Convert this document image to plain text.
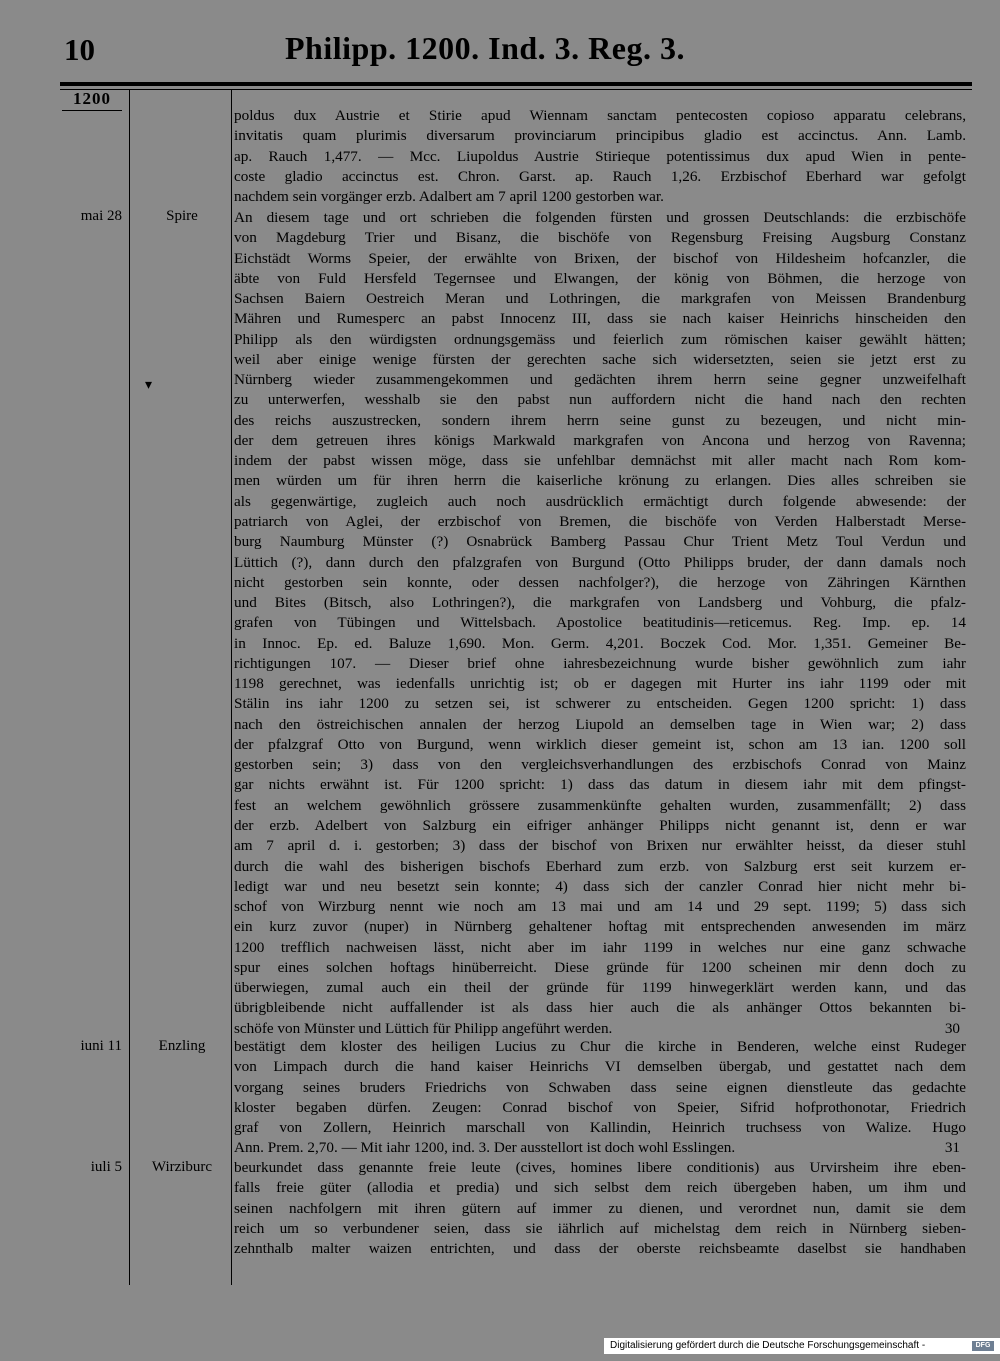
10	Philipp. 1200. Ind. 3. Reg. 3.
1200
▾
mai 28	Spire
iuni 11	Enzling
iuli 5	Wirziburc
poldus dux Austrie et Stirie apud Wiennam sanctam pentecosten copioso apparatu celebrans,
invitatis quam plurimis diversarum provinciarum principibus gladio est accinctus. Ann. Lamb.
ap. Rauch 1,477. — Mcc. Liupoldus Austrie Stirieque potentissimus dux apud Wien in pente-
coste gladio accinctus est. Chron. Garst. ap. Rauch 1,26. Erzbischof Eberhard war gefolgt
nachdem sein vorgänger erzb. Adalbert am 7 april 1200 gestorben war.
An diesem tage und ort schrieben die folgenden fürsten und grossen Deutschlands: die erzbischöfe
von Magdeburg Trier und Bisanz, die bischöfe von Regensburg Freising Augsburg Constanz
Eichstädt Worms Speier, der erwählte von Brixen, der bischof von Hildesheim hofcanzler, die
äbte von Fuld Hersfeld Tegernsee und Elwangen, der könig von Böhmen, die herzoge von
Sachsen Baiern Oestreich Meran und Lothringen, die markgrafen von Meissen Brandenburg
Mähren und Rumesperc an pabst Innocenz III, dass sie nach kaiser Heinrichs hinscheiden den
Philipp als den würdigsten ordnungsgemäss und feierlich zum römischen kaiser gewählt hätten;
weil aber einige wenige fürsten der gerechten sache sich widersetzten, seien sie jetzt erst zu
Nürnberg wieder zusammengekommen und gedächten ihrem herrn seine gegner unzweifelhaft
zu unterwerfen, wesshalb sie den pabst nun auffordern nicht die hand nach den rechten
des reichs auszustrecken, sondern ihrem herrn seine gunst zu bezeugen, und nicht min-
der dem getreuen ihres königs Markwald markgrafen von Ancona und herzog von Ravenna;
indem der pabst wissen möge, dass sie unfehlbar demnächst mit aller macht nach Rom kom-
men würden um für ihren herrn die kaiserliche krönung zu erlangen. Dies alles schreiben sie
als gegenwärtige, zugleich auch noch ausdrücklich ermächtigt durch folgende abwesende: der
patriarch von Aglei, der erzbischof von Bremen, die bischöfe von Verden Halberstadt Merse-
burg Naumburg Münster (?) Osnabrück Bamberg Passau Chur Trient Metz Toul Verdun und
Lüttich (?), dann durch den pfalzgrafen von Burgund (Otto Philipps bruder, der dann damals noch
nicht gestorben sein konnte, oder dessen nachfolger?), die herzoge von Zähringen Kärnthen
und Bites (Bitsch, also Lothringen?), die markgrafen von Landsberg und Vohburg, die pfalz-
grafen von Tübingen und Wittelsbach. Apostolice beatitudinis—reticemus. Reg. Imp. ep. 14
in Innoc. Ep. ed. Baluze 1,690. Mon. Germ. 4,201. Boczek Cod. Mor. 1,351. Gemeiner Be-
richtigungen 107. — Dieser brief ohne iahresbezeichnung wurde bisher gewöhnlich zum iahr
1198 gerechnet, was iedenfalls unrichtig ist; ob er dagegen mit Hurter ins iahr 1199 oder mit
Stälin ins iahr 1200 zu setzen sei, ist schwerer zu entscheiden. Gegen 1200 spricht: 1) dass
nach den östreichischen annalen der herzog Liupold an demselben tage in Wien war; 2) dass
der pfalzgraf Otto von Burgund, wenn wirklich dieser gemeint ist, schon am 13 ian. 1200 soll
gestorben sein; 3) dass von den vergleichsverhandlungen des erzbischofs Conrad von Mainz
gar nichts erwähnt ist. Für 1200 spricht: 1) dass das datum in diesem iahr mit dem pfingst-
fest an welchem gewöhnlich grössere zusammenkünfte gehalten wurden, zusammenfällt; 2) dass
der erzb. Adelbert von Salzburg ein eifriger anhänger Philipps nicht genannt ist, denn er war
am 7 april d. i. gestorben; 3) dass der bischof von Brixen nur erwählter heisst, da dieser stuhl
durch die wahl des bisherigen bischofs Eberhard zum erzb. von Salzburg erst seit kurzem er-
ledigt war und neu besetzt sein konnte; 4) dass sich der canzler Conrad hier nicht mehr bi-
schof von Wirzburg nennt wie noch am 13 mai und am 14 und 29 sept. 1199; 5) dass sich
ein kurz zuvor (nuper) in Nürnberg gehaltener hoftag mit entsprechenden anwesenden im märz
1200 trefflich nachweisen lässt, nicht aber im iahr 1199 in welches nur eine ganz schwache
spur eines solchen hoftags hinüberreicht. Diese gründe für 1200 scheinen mir denn doch zu
überwiegen, zumal auch ein theil der gründe für 1199 hinwegerklärt werden kann, und das
übrigbleibende nicht auffallender ist als dass hier auch die als anhänger Ottos bekannten bi-
schöfe von Münster und Lüttich für Philipp angeführt werden.	30
bestätigt dem kloster des heiligen Lucius zu Chur die kirche in Benderen, welche einst Rudeger
von Limpach durch die hand kaiser Heinrichs VI demselben übergab, und gestattet nach dem
vorgang seines bruders Friedrichs von Schwaben dass seine eignen dienstleute das gedachte
kloster begaben dürfen. Zeugen: Conrad bischof von Speier, Sifrid hofprothonotar, Friedrich
graf von Zollern, Heinrich marschall von Kallindin, Heinrich truchsess von Walize. Hugo
Ann. Prem. 2,70. — Mit iahr 1200, ind. 3. Der ausstellort ist doch wohl Esslingen.	31
beurkundet dass genannte freie leute (cives, homines libere conditionis) aus Urvirsheim ihre eben-
falls freie güter (allodia et predia) und sich selbst dem reich übergeben haben, um ihm und
seinen nachfolgern mit ihren gütern auf immer zu dienen, und verordnet nun, damit sie dem
reich um so verbundener seien, dass sie iährlich auf michelstag dem reich in Nürnberg sieben-
zehnthalb malter waizen entrichten, und dass der oberste reichsbeamte daselbst sie handhaben
Digitalisierung gefördert durch die Deutsche Forschungsgemeinschaft -	DFG
